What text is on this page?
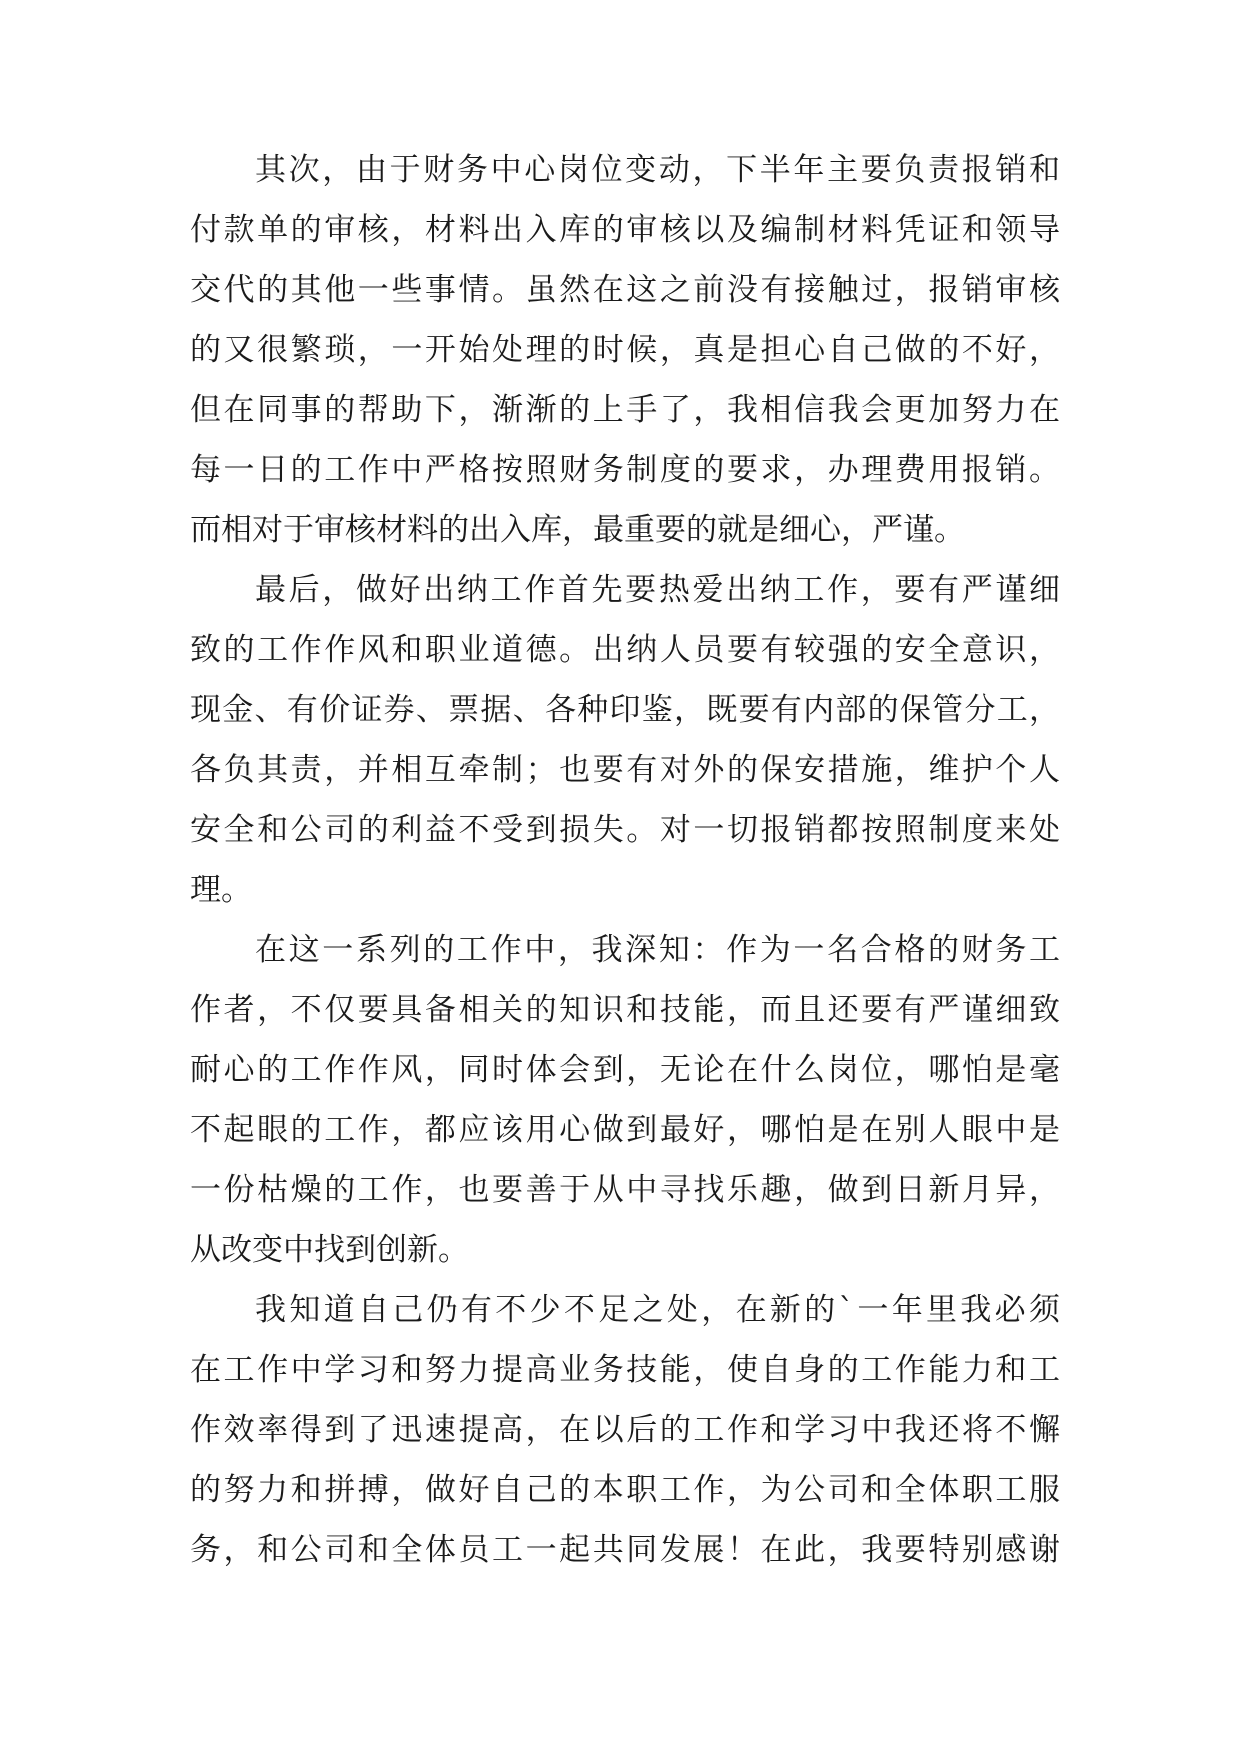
其次，由于财务中心岗位变动，下半年主要负责报销和

付款单的审核，材料出入库的审核以及编制材料凭证和领导

交代的其他一些事情。虽然在这之前没有接触过，报销审核

的又很繁琐，一开始处理的时候，真是担心自己做的不好，

但在同事的帮助下，渐渐的上手了，我相信我会更加努力在

每一日的工作中严格按照财务制度的要求，办理费用报销。

而相对于审核材料的出入库，最重要的就是细心，严谨。

最后，做好出纳工作首先要热爱出纳工作，要有严谨细

致的工作作风和职业道德。出纳人员要有较强的安全意识，

现金、有价证券、票据、各种印鉴，既要有内部的保管分工，

各负其责，并相互牵制；也要有对外的保安措施，维护个人

安全和公司的利益不受到损失。对一切报销都按照制度来处

理。

在这一系列的工作中，我深知：作为一名合格的财务工

作者，不仅要具备相关的知识和技能，而且还要有严谨细致

耐心的工作作风，同时体会到，无论在什么岗位，哪怕是毫

不起眼的工作，都应该用心做到最好，哪怕是在别人眼中是

一份枯燥的工作，也要善于从中寻找乐趣，做到日新月异，

从改变中找到创新。

我知道自己仍有不少不足之处，在新的`一年里我必须

在工作中学习和努力提高业务技能，使自身的工作能力和工

作效率得到了迅速提高，在以后的工作和学习中我还将不懈

的努力和拼搏，做好自己的本职工作，为公司和全体职工服

务，和公司和全体员工一起共同发展！在此，我要特别感谢
